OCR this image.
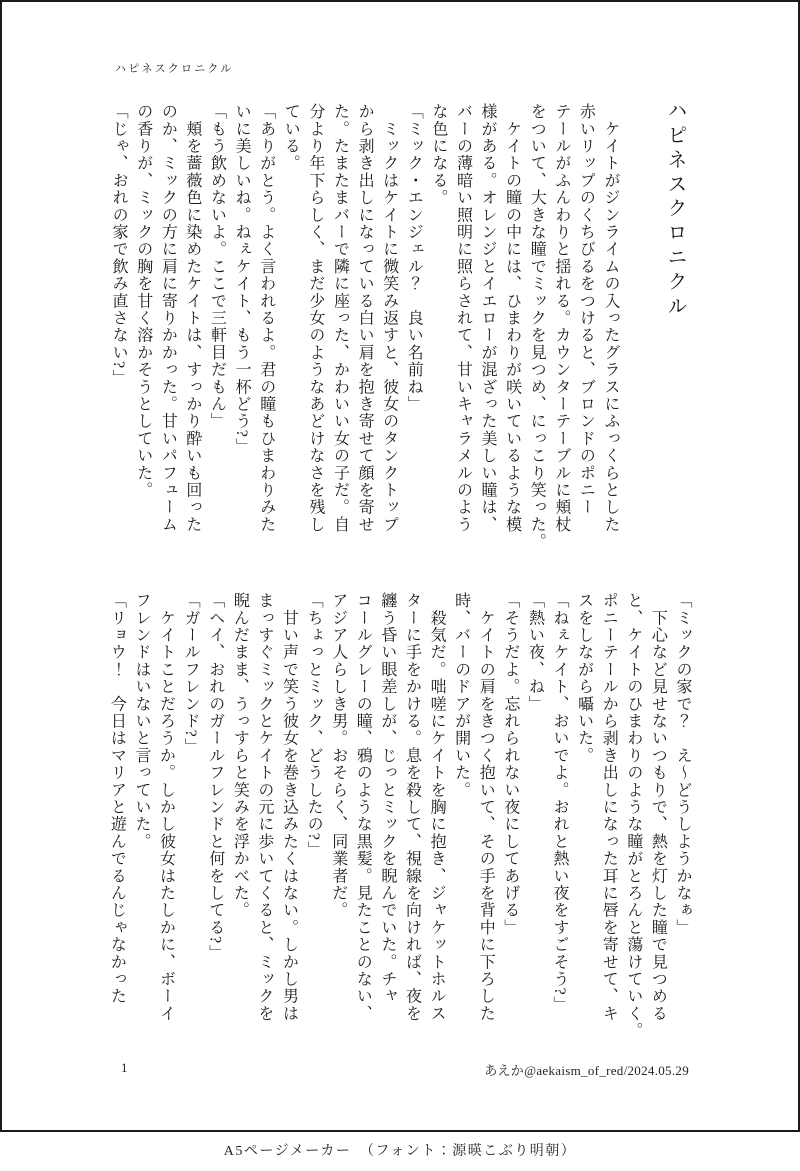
ハピネスクロニクル
ハピネスクロニクル

　ケイトがジンライムの入ったグラスにふっくらとした

赤いリップのくちびるをつけると、ブロンドのポニー

テールがふんわりと揺れる。カウンターテーブルに頬杖

をついて、大きな瞳でミックを見つめ、にっこり笑った。

　ケイトの瞳の中には、ひまわりが咲いているような模

様がある。オレンジとイエローが混ざった美しい瞳は、

バーの薄暗い照明に照らされて、甘いキャラメルのよう

な色になる。

「ミック・エンジェル？　良い名前ね」

　ミックはケイトに微笑み返すと、彼女のタンクトップ

から剥き出しになっている白い肩を抱き寄せて顔を寄せ

た。たまたまバーで隣に座った、かわいい女の子だ。自

分より年下らしく、まだ少女のようなあどけなさを残し

ている。

「ありがとう。よく言われるよ。君の瞳もひまわりみた

いに美しいね。ねぇケイト、もう一杯どう?」

「もう飲めないよ。ここで三軒目だもん」

　頬を薔薇色に染めたケイトは、すっかり酔いも回った

のか、ミックの方に肩に寄りかかった。甘いパフューム

の香りが、ミックの胸を甘く溶かそうとしていた。

「じゃ、おれの家で飲み直さない?」

「ミックの家で？　え〜どうしようかなぁ」

　下心など見せないつもりで、熱を灯した瞳で見つめる

と、ケイトのひまわりのような瞳がとろんと蕩けていく。

ポニーテールから剥き出しになった耳に唇を寄せて、キ

スをしながら囁いた。

「ねぇケイト、おいでよ。おれと熱い夜をすごそう?」

「熱い夜、ね」

「そうだよ。忘れられない夜にしてあげる」

　ケイトの肩をきつく抱いて、その手を背中に下ろした

時、バーのドアが開いた。

　殺気だ。咄嗟にケイトを胸に抱き、ジャケットホルス

ターに手をかける。息を殺して、視線を向ければ、夜を

纏う昏い眼差しが、じっとミックを睨んでいた。チャ

コールグレーの瞳、鴉のような黒髪。見たことのない、

アジア人らしき男。おそらく、同業者だ。

「ちょっとミック、どうしたの?」

　甘い声で笑う彼女を巻き込みたくはない。しかし男は

まっすぐミックとケイトの元に歩いてくると、ミックを

睨んだまま、うっすらと笑みを浮かべた。

「ヘイ、おれのガールフレンドと何をしてる?」

「ガールフレンド?」

　ケイトことだろうか。しかし彼女はたしかに、ボーイ

フレンドはいないと言っていた。

「リョウ！　今日はマリアと遊んでるんじゃなかった

1	あえか@aekaism_of_red/2024.05.29
A5ページメーカー　（フォント：源暎こぶり明朝）
